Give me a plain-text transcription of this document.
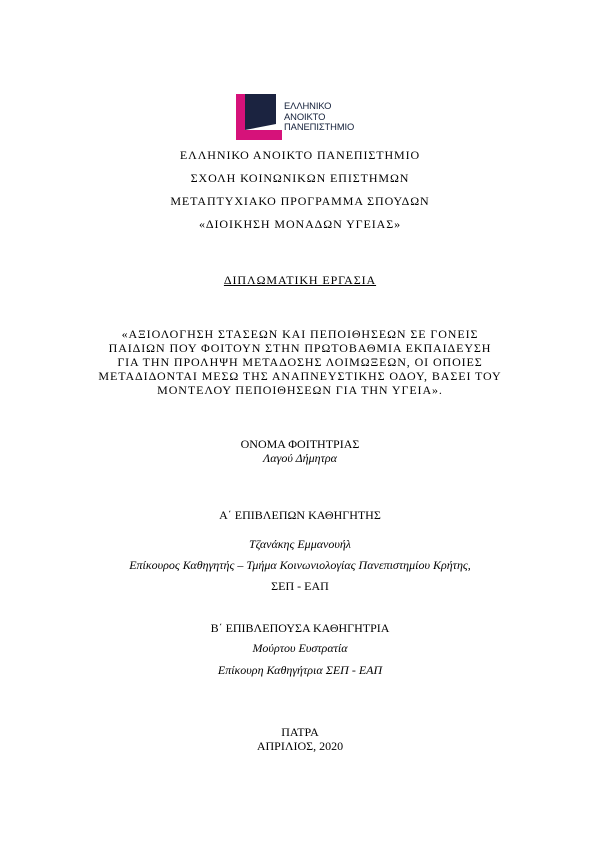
ΕΛΛΗΝΙΚΟ
ΑΝΟΙΚΤΟ
ΠΑΝΕΠΙΣΤΗΜΙΟ
ΕΛΛΗΝΙΚΟ ΑΝΟΙΚΤΟ ΠΑΝΕΠΙΣΤΗΜΙΟ
ΣΧΟΛΗ ΚΟΙΝΩΝΙΚΩΝ ΕΠΙΣΤΗΜΩΝ
ΜΕΤΑΠΤΥΧΙΑΚΟ ΠΡΟΓΡΑΜΜΑ ΣΠΟΥΔΩΝ
«ΔΙΟΙΚΗΣΗ ΜΟΝΑΔΩΝ ΥΓΕΙΑΣ»
ΔΙΠΛΩΜΑΤΙΚΗ ΕΡΓΑΣΙΑ
«ΑΞΙΟΛΟΓΗΣΗ ΣΤΑΣΕΩΝ ΚΑΙ ΠΕΠΟΙΘΗΣΕΩΝ ΣΕ ΓΟΝΕΙΣ
ΠΑΙΔΙΩΝ ΠΟΥ ΦΟΙΤΟΥΝ ΣΤΗΝ ΠΡΩΤΟΒΑΘΜΙΑ ΕΚΠΑΙΔΕΥΣΗ
ΓΙΑ ΤΗΝ ΠΡΟΛΗΨΗ ΜΕΤΑΔΟΣΗΣ ΛΟΙΜΩΞΕΩΝ, ΟΙ ΟΠΟΙΕΣ
ΜΕΤΑΔΙΔΟΝΤΑΙ ΜΕΣΩ ΤΗΣ ΑΝΑΠΝΕΥΣΤΙΚΗΣ ΟΔΟΥ, ΒΑΣΕΙ ΤΟΥ
ΜΟΝΤΕΛΟΥ ΠΕΠΟΙΘΗΣΕΩΝ ΓΙΑ ΤΗΝ ΥΓΕΙΑ».
ΟΝΟΜΑ ΦΟΙΤΗΤΡΙΑΣ
Λαγού Δήμητρα
Α΄ ΕΠΙΒΛΕΠΩΝ ΚΑΘΗΓΗΤΗΣ
Τζανάκης Εμμανουήλ
Επίκουρος Καθηγητής – Τμήμα Κοινωνιολογίας Πανεπιστημίου Κρήτης,
ΣΕΠ - ΕΑΠ
Β΄ ΕΠΙΒΛΕΠΟΥΣΑ ΚΑΘΗΓΗΤΡΙΑ
Μούρτου Ευστρατία
Επίκουρη Καθηγήτρια ΣΕΠ - ΕΑΠ
ΠΑΤΡΑ
ΑΠΡΙΛΙΟΣ, 2020
